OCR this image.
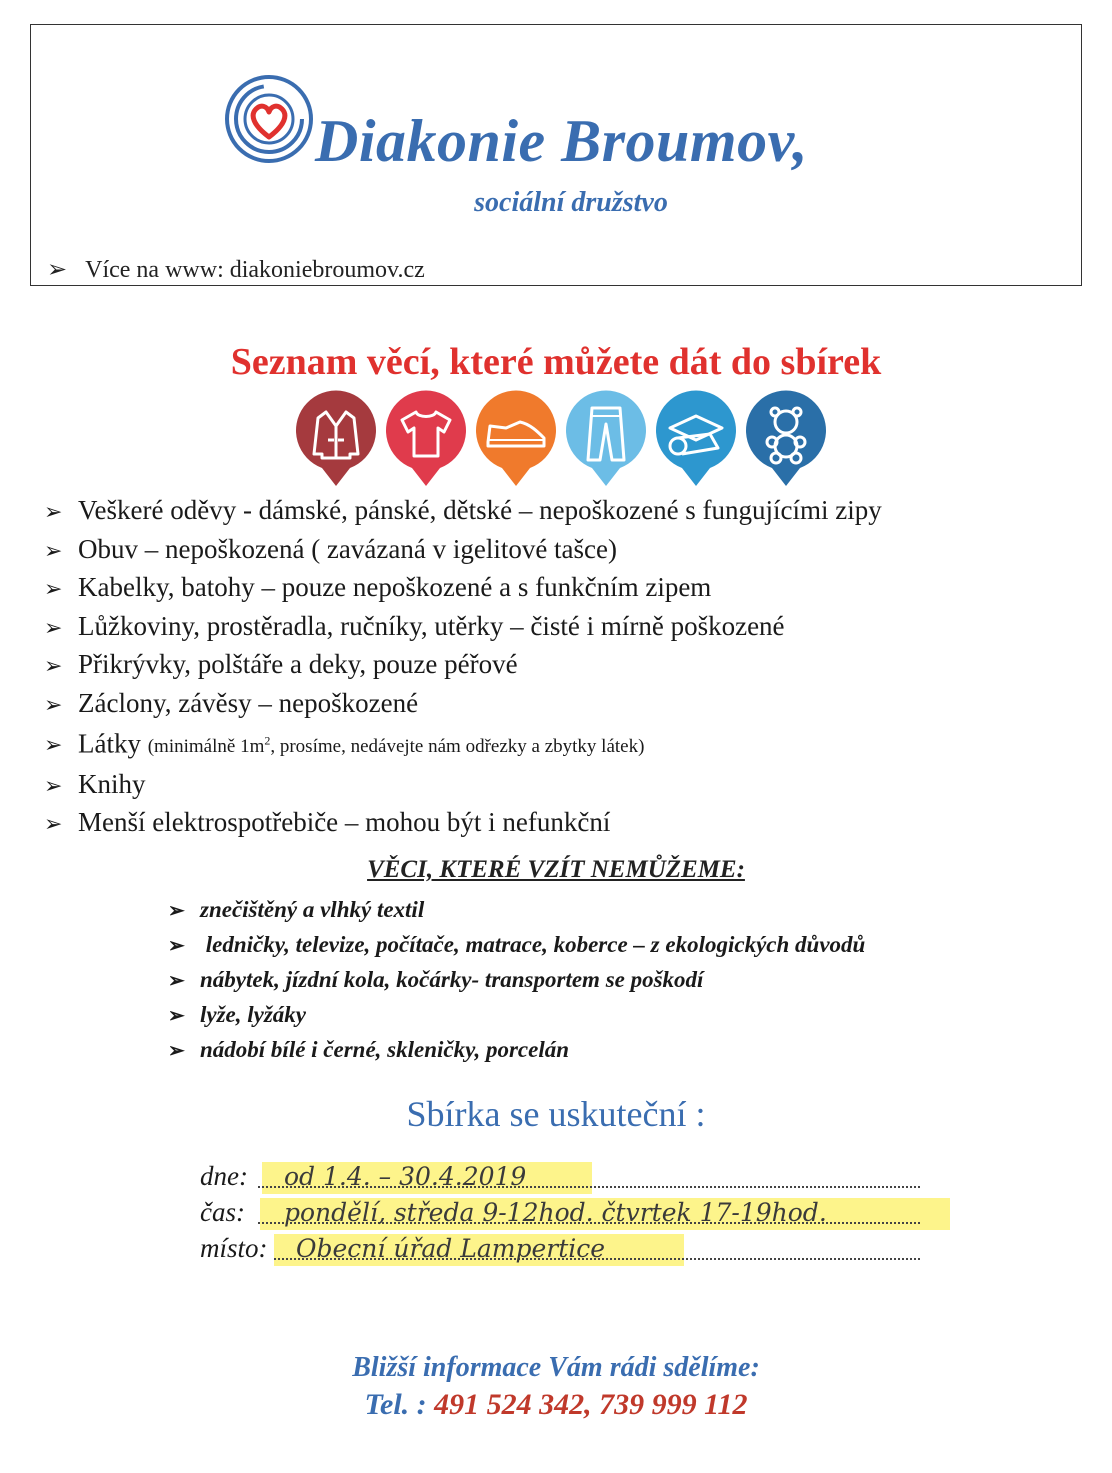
Diakonie Broumov,
sociální družstvo
➢ Více na www: diakoniebroumov.cz
Seznam věcí, které můžete dát do sbírek
➢ Veškeré oděvy - dámské, pánské, dětské – nepoškozené s fungujícími zipy
➢ Obuv – nepoškozená ( zavázaná v igelitové tašce)
➢ Kabelky, batohy – pouze nepoškozené a s funkčním zipem
➢ Lůžkoviny, prostěradla, ručníky, utěrky – čisté i mírně poškozené
➢ Přikrývky, polštáře a deky, pouze péřové
➢ Záclony, závěsy – nepoškozené
➢ Látky (minimálně $1m^2$, prosíme, nedávejte nám odřezky a zbytky látek)
➢ Knihy
➢ Menší elektrospotřebiče – mohou být i nefunkční
VĚCI, KTERÉ VZÍT NEMŮŽEME:
➢ znečištěný a vlhký textil
➢ ledničky, televize, počítače, matrace, koberce – z ekologických důvodů
➢ nábytek, jízdní kola, kočárky- transportem se poškodí
➢ lyže, lyžáky
➢ nádobí bílé i černé, skleničky, porcelán
Sbírka se uskuteční :
dne: od 1.4. – 30.4.2019
čas: pondělí, středa 9-12hod. čtvrtek 17-19hod.
místo: Obecní úřad Lampertice
Bližší informace Vám rádi sdělíme:
Tel. : 491 524 342, 739 999 112
